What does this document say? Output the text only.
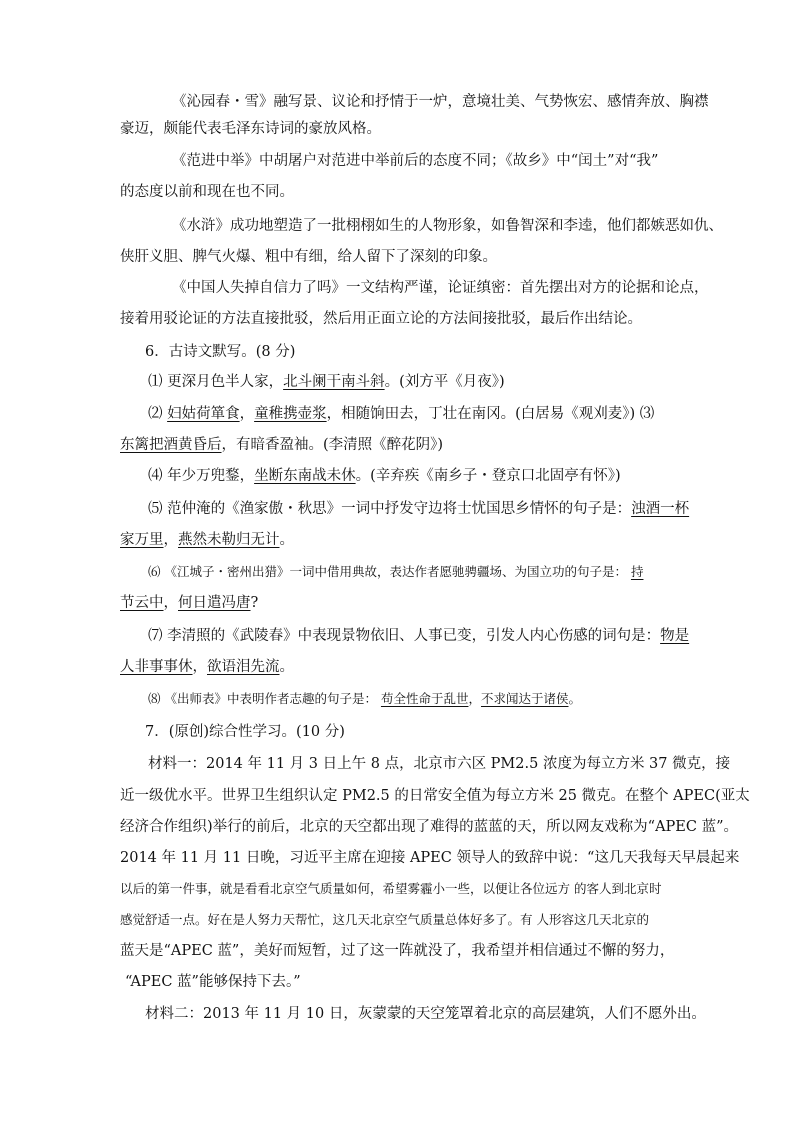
《沁园春・雪》融写景、议论和抒情于一炉，意境壮美、气势恢宏、感情奔放、胸襟
豪迈，颇能代表毛泽东诗词的豪放风格。
《范进中举》中胡屠户对范进中举前后的态度不同；《故乡》中“闰土”对“我”
的态度以前和现在也不同。
《水浒》成功地塑造了一批栩栩如生的人物形象，如鲁智深和李逵，他们都嫉恶如仇、
侠肝义胆、脾气火爆、粗中有细，给人留下了深刻的印象。
《中国人失掉自信力了吗》一文结构严谨，论证缜密：首先摆出对方的论据和论点，
接着用驳论证的方法直接批驳，然后用正面立论的方法间接批驳，最后作出结论。
6．古诗文默写。(8 分)
⑴ 更深月色半人家，北斗阑干南斗斜。(刘方平《月夜》)
⑵ 妇姑荷箪食，童稚携壶浆，相随饷田去，丁壮在南冈。(白居易《观刈麦》) ⑶
东篱把酒黄昏后，有暗香盈袖。(李清照《醉花阴》)
⑷ 年少万兜鍪，坐断东南战未休。(辛弃疾《南乡子・登京口北固亭有怀》)
⑸ 范仲淹的《渔家傲・秋思》一词中抒发守边将士忧国思乡情怀的句子是：浊酒一杯
家万里，燕然未勒归无计。
⑹ 《江城子・密州出猎》一词中借用典故，表达作者愿驰骋疆场、为国立功的句子是： 持
节云中，何日遣冯唐?
⑺ 李清照的《武陵春》中表现景物依旧、人事已变，引发人内心伤感的词句是：物是
人非事事休，欲语泪先流。
⑻ 《出师表》中表明作者志趣的句子是： 苟全性命于乱世，不求闻达于诸侯。
7．(原创)综合性学习。(10 分)
材料一：2014 年 11 月 3 日上午 8 点，北京市六区 PM2.5 浓度为每立方米 37 微克，接
近一级优水平。世界卫生组织认定 PM2.5 的日常安全值为每立方米 25 微克。在整个 APEC(亚太
经济合作组织)举行的前后，北京的天空都出现了难得的蓝蓝的天，所以网友戏称为“APEC 蓝”。
2014 年 11 月 11 日晚，习近平主席在迎接 APEC 领导人的致辞中说：“这几天我每天早晨起来
以后的第一件事，就是看看北京空气质量如何，希望雾霾小一些，以便让各位远方 的客人到北京时
感觉舒适一点。好在是人努力天帮忙，这几天北京空气质量总体好多了。有 人形容这几天北京的
蓝天是“APEC 蓝”，美好而短暂，过了这一阵就没了，我希望并相信通过不懈的努力，
“APEC 蓝”能够保持下去。”
材料二：2013 年 11 月 10 日，灰蒙蒙的天空笼罩着北京的高层建筑，人们不愿外出。
